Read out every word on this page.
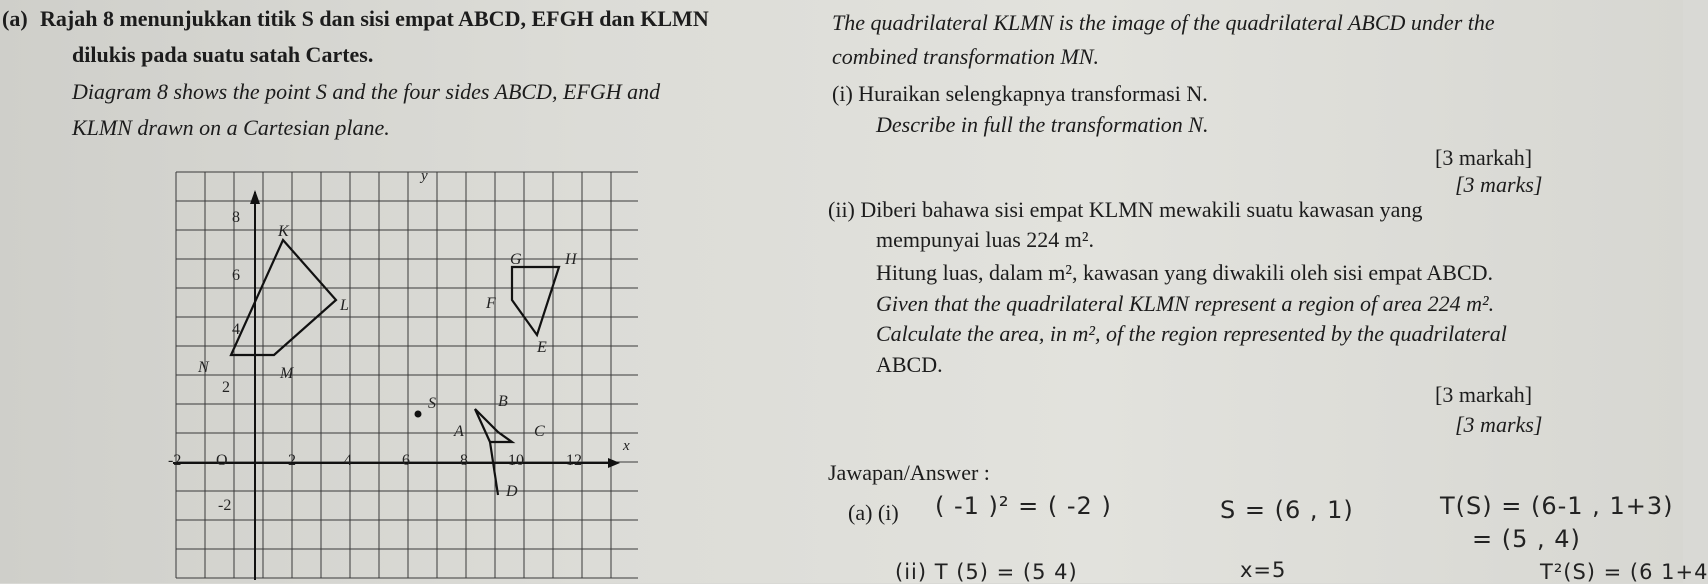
(a) Rajah 8 menunjukkan titik S dan sisi empat ABCD, EFGH dan KLMN
dilukis pada suatu satah Cartes.
Diagram 8 shows the point S and the four sides ABCD, EFGH and
KLMN drawn on a Cartesian plane.
The quadrilateral KLMN is the image of the quadrilateral ABCD under the
combined transformation MN.
(i) Huraikan selengkapnya transformasi N.
Describe in full the transformation N.
[3 markah]
[3 marks]
(ii) Diberi bahawa sisi empat KLMN mewakili suatu kawasan yang
mempunyai luas 224 m².
Hitung luas, dalam m², kawasan yang diwakili oleh sisi empat ABCD.
Given that the quadrilateral KLMN represent a region of area 224 m².
Calculate the area, in m², of the region represented by the quadrilateral
ABCD.
[3 markah]
[3 marks]
Jawapan/Answer :
(a) (i) ( -1 )² = ( -2 )	S = (6 , 1)	T(S) = (6-1 , 1+3)
= (5 , 4)
(ii) T (5) = (5 4)	x=5	T²(S) = (6 1+4
y
x
-2 O	2	4	6	8	10	12
8
6
4
2
-2
K
L
M
N
G	H
F
E
S
A
B
C
D
